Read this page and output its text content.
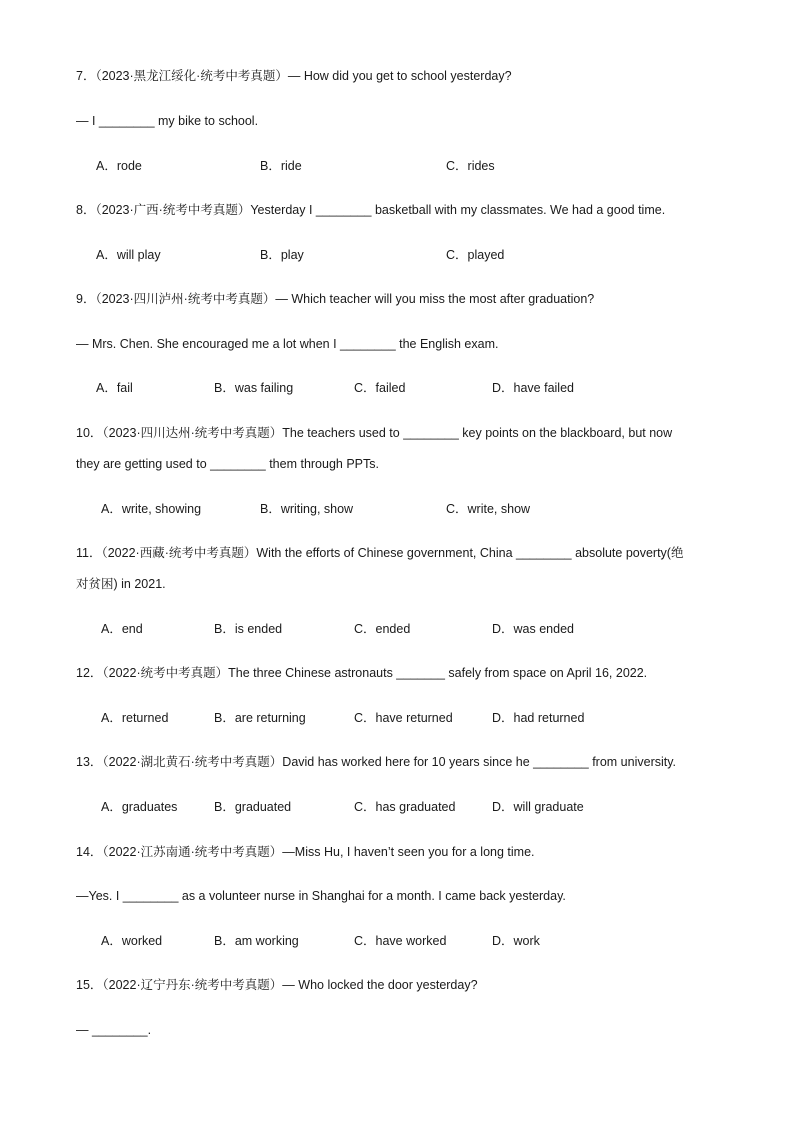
7．（2023·黑龙江绥化·统考中考真题）— How did you get to school yesterday?
— I ________ my bike to school.
A．rode	B．ride	C．rides
8．（2023·广西·统考中考真题）Yesterday I ________ basketball with my classmates. We had a good time.
A．will play	B．play	C．played
9．（2023·四川泸州·统考中考真题）— Which teacher will you miss the most after graduation?
— Mrs. Chen. She encouraged me a lot when I ________ the English exam.
A．fail	B．was failing	C．failed	D．have failed
10．（2023·四川达州·统考中考真题）The teachers used to ________ key points on the blackboard, but now
they are getting used to ________ them through PPTs.
A．write, showing	B．writing, show	C．write, show
11．（2022·西藏·统考中考真题）With the efforts of Chinese government, China ________ absolute poverty(绝
对贫困) in 2021.
A．end	B．is ended	C．ended	D．was ended
12．（2022·统考中考真题）The three Chinese astronauts _______ safely from space on April 16, 2022.
A．returned	B．are returning	C．have returned	D．had returned
13．（2022·湖北黄石·统考中考真题）David has worked here for 10 years since he ________ from university.
A．graduates	B．graduated	C．has graduated	D．will graduate
14．（2022·江苏南通·统考中考真题）—Miss Hu, I haven’t seen you for a long time.
—Yes. I ________ as a volunteer nurse in Shanghai for a month. I came back yesterday.
A．worked	B．am working	C．have worked	D．work
15．（2022·辽宁丹东·统考中考真题）— Who locked the door yesterday?
— ________.
